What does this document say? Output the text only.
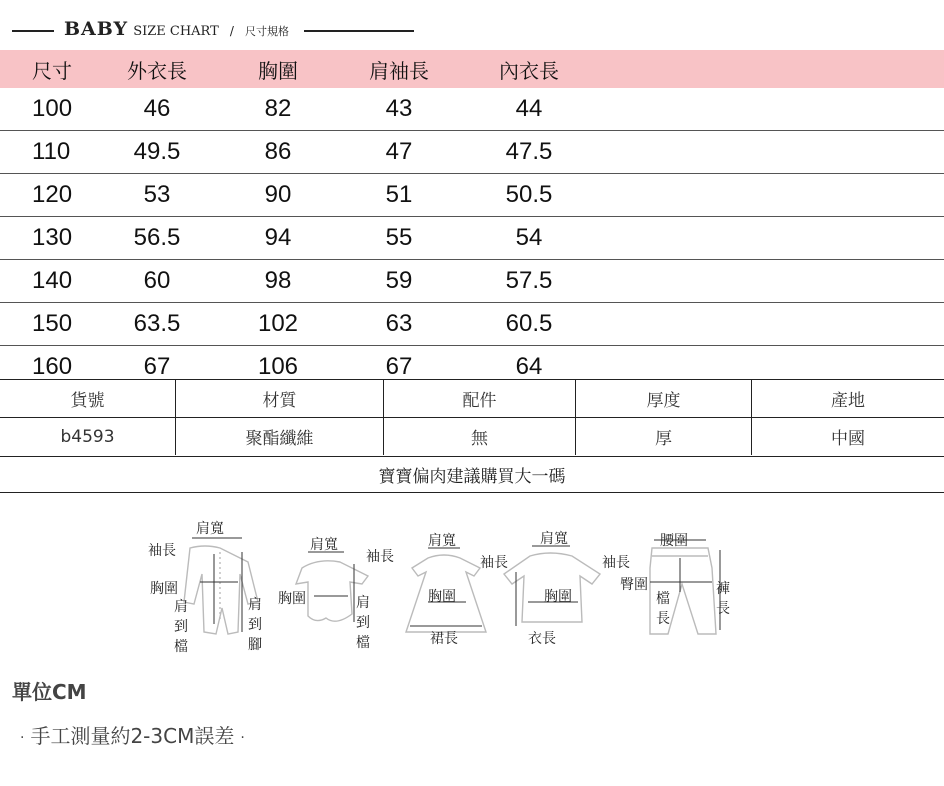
BABY SIZE CHART / 尺寸規格
尺寸	外衣長	胸圍	肩袖長	內衣長
100	46	82	43	44
110	49.5	86	47	47.5
120	53	90	51	50.5
130	56.5	94	55	54
140	60	98	59	57.5
150	63.5	102	63	60.5
160	67	106	67	64
貨號	材質	配件	厚度	產地
b4593	聚酯纖維	無	厚	中國
寶寶偏肉建議購買大一碼
肩寬
袖長
胸圍
肩
到
檔
肩
到
腳
肩寬
袖長
胸圍	肩
到
檔
肩寬
袖長
胸圍
裙長
肩寬
袖長
胸圍
衣長
腰圍
臀圍
檔
長
褲
長
單位CM
· 手工測量約2-3CM誤差 ·
